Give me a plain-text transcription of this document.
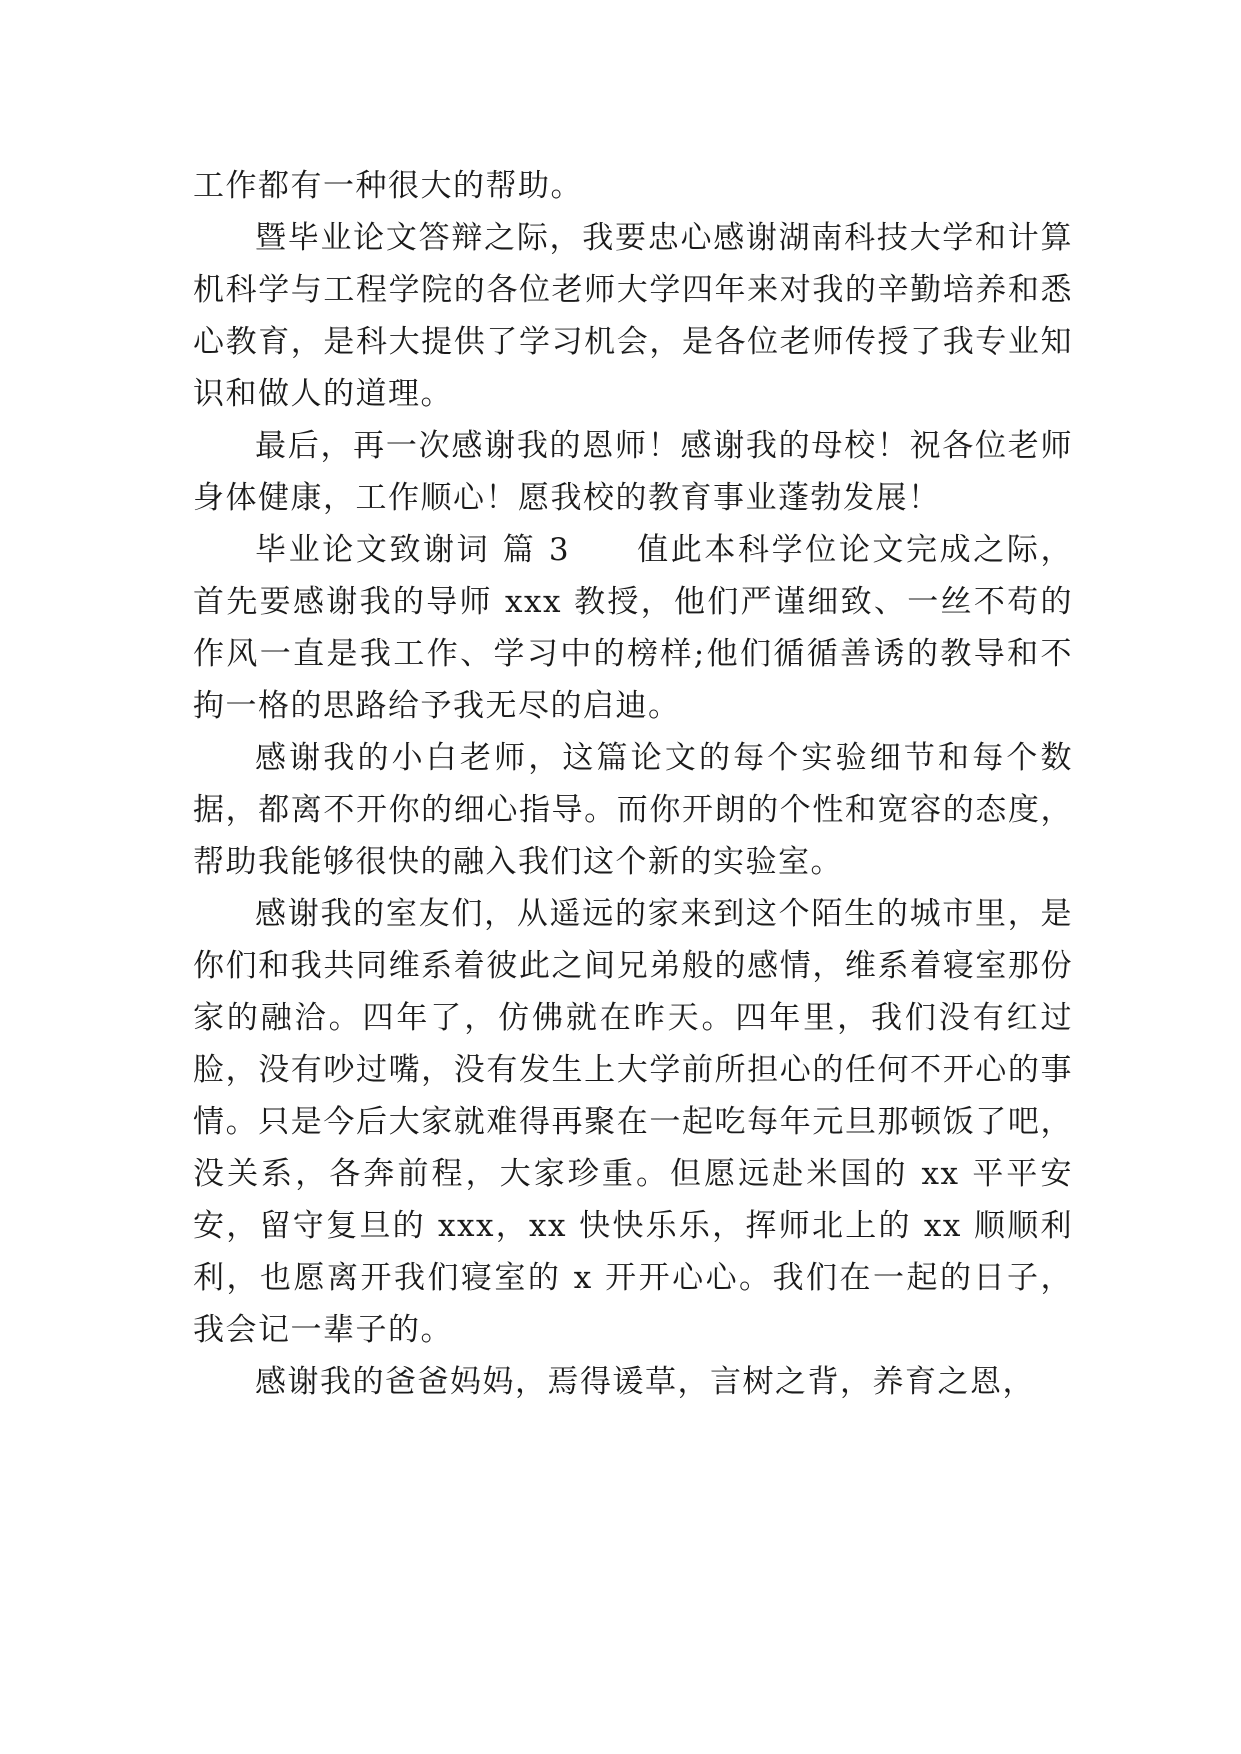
工作都有一种很大的帮助。

暨毕业论文答辩之际，我要忠心感谢湖南科技大学和计算机科学与工程学院的各位老师大学四年来对我的辛勤培养和悉心教育，是科大提供了学习机会，是各位老师传授了我专业知识和做人的道理。

最后，再一次感谢我的恩师！感谢我的母校！祝各位老师身体健康，工作顺心！愿我校的教育事业蓬勃发展！

毕业论文致谢词 篇 3 值此本科学位论文完成之际，首先要感谢我的导师 xxx 教授，他们严谨细致、一丝不苟的作风一直是我工作、学习中的榜样;他们循循善诱的教导和不拘一格的思路给予我无尽的启迪。

感谢我的小白老师，这篇论文的每个实验细节和每个数据，都离不开你的细心指导。而你开朗的个性和宽容的态度，帮助我能够很快的融入我们这个新的实验室。

感谢我的室友们，从遥远的家来到这个陌生的城市里，是你们和我共同维系着彼此之间兄弟般的感情，维系着寝室那份家的融洽。四年了，仿佛就在昨天。四年里，我们没有红过脸，没有吵过嘴，没有发生上大学前所担心的任何不开心的事情。只是今后大家就难得再聚在一起吃每年元旦那顿饭了吧，没关系，各奔前程，大家珍重。但愿远赴米国的 xx 平平安安，留守复旦的 xxx，xx 快快乐乐，挥师北上的 xx 顺顺利利，也愿离开我们寝室的 x 开开心心。我们在一起的日子，我会记一辈子的。

感谢我的爸爸妈妈，焉得谖草，言树之背，养育之恩，
